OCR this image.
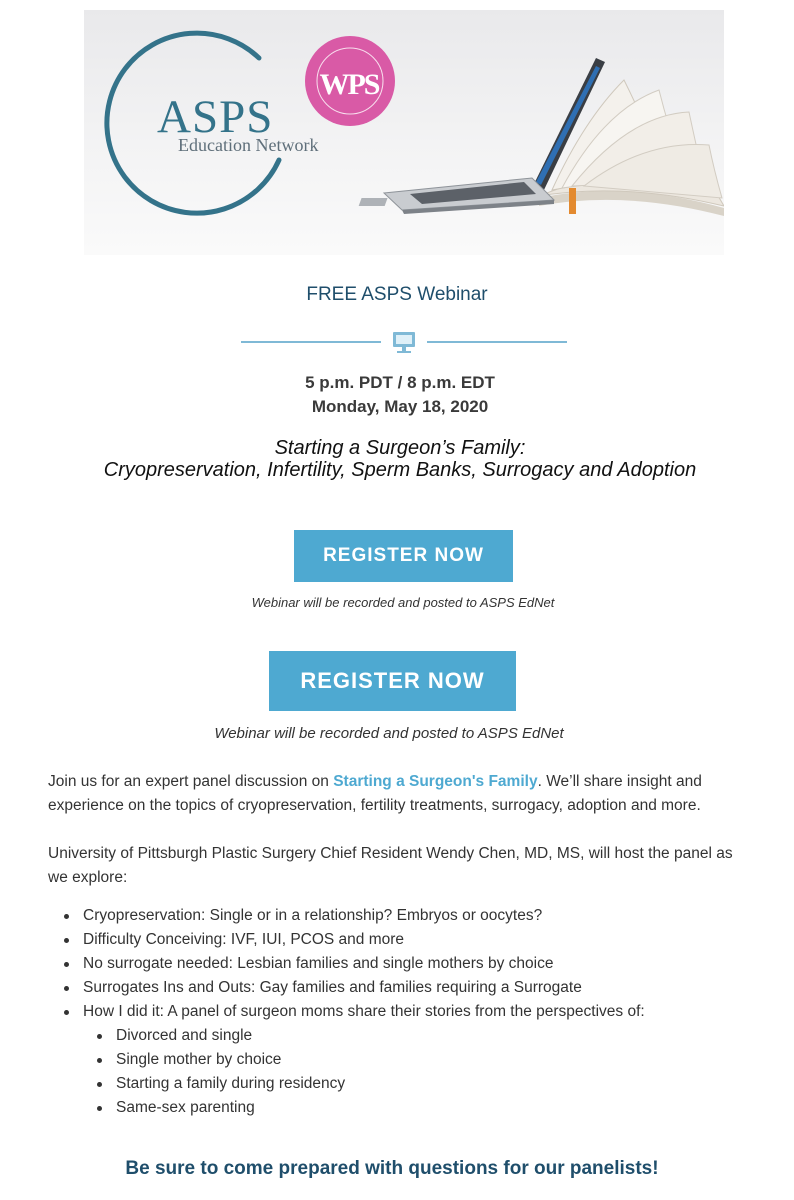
ASPS
Education Network
WPS
FREE ASPS Webinar
5 p.m. PDT / 8 p.m. EDT
Monday, May 18, 2020
Starting a Surgeon’s Family:
Cryopreservation, Infertility, Sperm Banks, Surrogacy and Adoption
REGISTER NOW
Webinar will be recorded and posted to ASPS EdNet
REGISTER NOW
Webinar will be recorded and posted to ASPS EdNet
Join us for an expert panel discussion on Starting a Surgeon's Family. We’ll share insight and experience on the topics of cryopreservation, fertility treatments, surrogacy, adoption and more.
University of Pittsburgh Plastic Surgery Chief Resident Wendy Chen, MD, MS, will host the panel as we explore:
Cryopreservation: Single or in a relationship? Embryos or oocytes?
Difficulty Conceiving: IVF, IUI, PCOS and more
No surrogate needed: Lesbian families and single mothers by choice
Surrogates Ins and Outs: Gay families and families requiring a Surrogate
How I did it: A panel of surgeon moms share their stories from the perspectives of:
Divorced and single
Single mother by choice
Starting a family during residency
Same-sex parenting
Be sure to come prepared with questions for our panelists!
